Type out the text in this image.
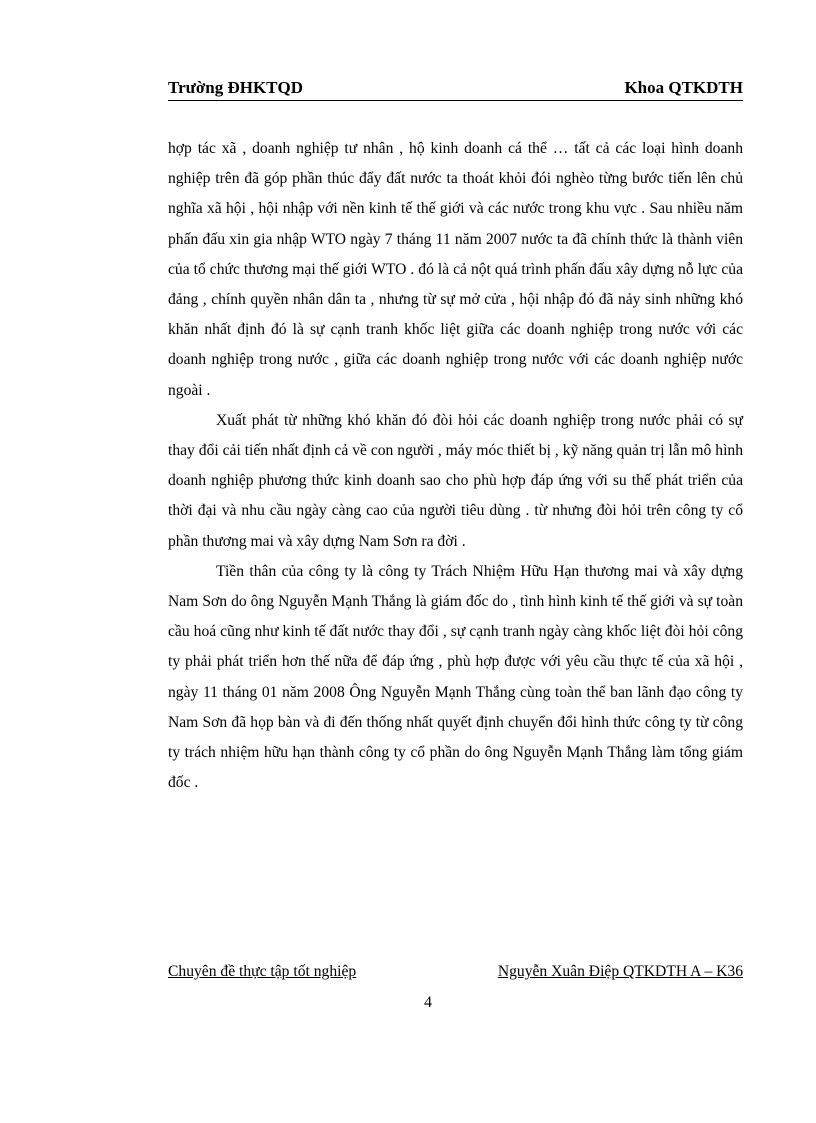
Trường ĐHKTQD	Khoa QTKDTH

hợp tác xã , doanh nghiệp tư nhân , hộ kinh doanh cá thể … tất cả các loại hình doanh nghiệp trên đã góp phần thúc đẩy đất nước ta thoát khỏi đói nghèo từng bước tiến lên chủ nghĩa xã hội , hội nhập với nền kinh tế thế giới và các nước trong khu vực . Sau nhiều năm phấn đấu xin gia nhập WTO ngày 7 tháng 11 năm 2007 nước ta đã chính thức là thành viên của tổ chức thương mại thế giới WTO . đó là cả nột quá trình phấn đấu xây dựng nỗ lực của đảng , chính quyền nhân dân ta , nhưng từ sự mở cửa , hội nhập đó đã nảy sinh những khó khăn nhất định đó là sự cạnh tranh khốc liệt giữa các doanh nghiệp trong nước với các doanh nghiệp trong nước , giữa các doanh nghiệp trong nước với các doanh nghiệp nước ngoài .

Xuất phát từ những khó khăn đó đòi hỏi các doanh nghiệp trong nước phải có sự thay đổi cải tiến nhất định cả về con người , máy móc thiết bị , kỹ năng quản trị lẫn mô hình doanh nghiệp phương thức kinh doanh sao cho phù hợp đáp ứng với su thế phát triển của thời đại và nhu cầu ngày càng cao của người tiêu dùng . từ nhưng đòi hỏi trên công ty cổ phần thương mai và xây dựng Nam Sơn ra đời .

Tiền thân của công ty là công ty Trách Nhiệm Hữu Hạn thương mai và xây dựng Nam Sơn do ông Nguyễn Mạnh Thắng là giám đốc do , tình hình kinh tế thế giới và sự toàn cầu hoá cũng như kinh tế đất nước thay đổi , sự cạnh tranh ngày càng khốc liệt đòi hỏi công ty phải phát triển hơn thế nữa để đáp ứng , phù hợp được với yêu cầu thực tế của xã hội , ngày 11 tháng 01 năm 2008 Ông Nguyễn Mạnh Thắng cùng toàn thể ban lãnh đạo công ty Nam Sơn đã họp bàn và đi đến thống nhất quyết định chuyển đổi hình thức công ty từ công ty trách nhiệm hữu hạn thành công ty cổ phần do ông Nguyễn Mạnh Thắng làm tổng giám đốc .

Chuyên đề thực tập tốt nghiệp	Nguyễn Xuân Điệp QTKDTH A – K36
4
